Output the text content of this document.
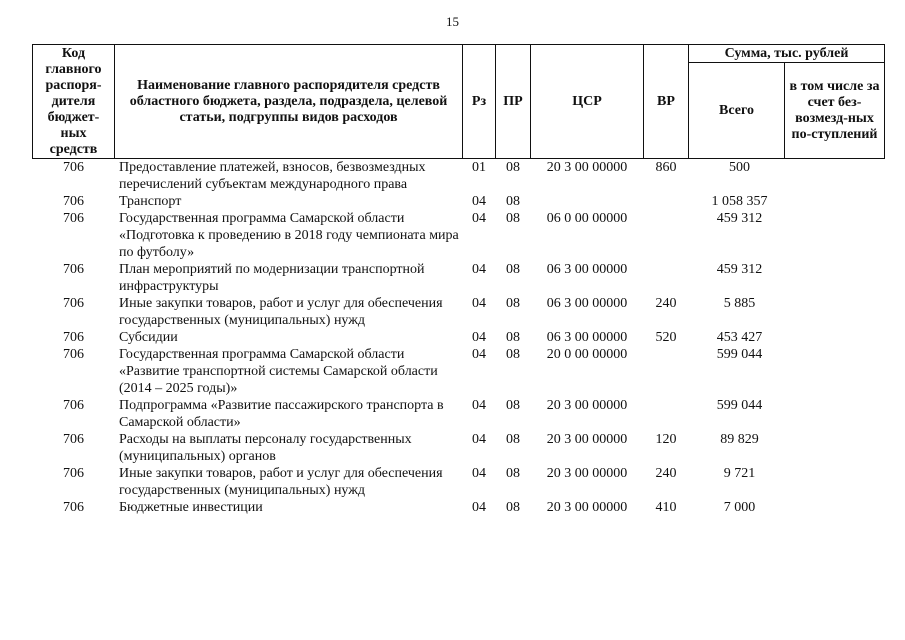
15
Код главного распоря-дителя бюджет-ных средств	Наименование главного распорядителя средств областного бюджета, раздела, подраздела, целевой статьи, подгруппы видов расходов	Рз	ПР	ЦСР	ВР	Сумма, тыс. рублей	
						Всего	в том числе за счет без-возмезд-ных по-ступлений
706	Предоставление платежей, взносов, безвозмездных перечислений субъектам международного права	01	08	20 3 00 00000	860	500	
706	Транспорт	04	08			1 058 357	
706	Государственная программа Самарской области «Подготовка к проведению в 2018 году чемпионата мира по футболу»	04	08	06 0 00 00000		459 312	
706	План мероприятий по модернизации транспортной инфраструктуры	04	08	06 3 00 00000		459 312	
706	Иные закупки товаров, работ и услуг для обеспечения государственных (муниципальных) нужд	04	08	06 3 00 00000	240	5 885	
706	Субсидии	04	08	06 3 00 00000	520	453 427	
706	Государственная программа Самарской области «Развитие транспортной системы Самарской области (2014 – 2025 годы)»	04	08	20 0 00 00000		599 044	
706	Подпрограмма «Развитие пассажирского транспорта в Самарской области»	04	08	20 3 00 00000		599 044	
706	Расходы на выплаты персоналу государственных (муниципальных) органов	04	08	20 3 00 00000	120	89 829	
706	Иные закупки товаров, работ и услуг для обеспечения государственных (муниципальных) нужд	04	08	20 3 00 00000	240	9 721	
706	Бюджетные инвестиции	04	08	20 3 00 00000	410	7 000	
